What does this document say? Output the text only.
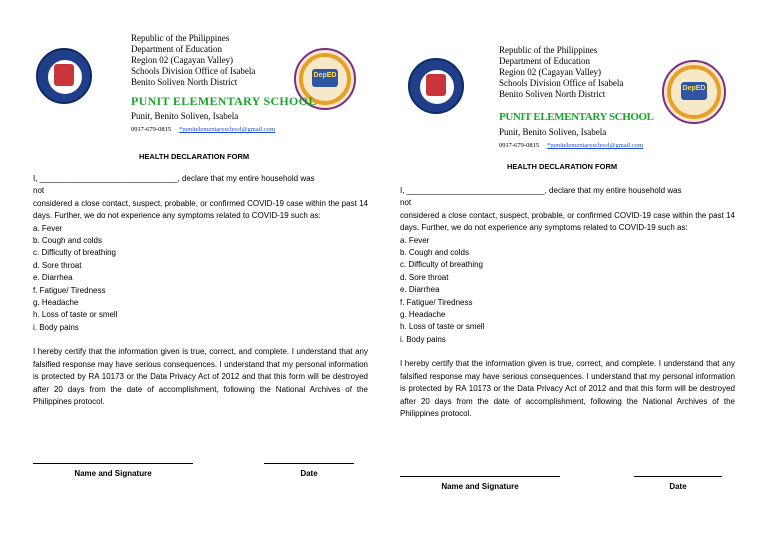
Republic of the Philippines
Department of Education
Region 02 (Cagayan Valley)
Schools Division Office of Isabela
Benito Soliven North District
DepED
PUNIT ELEMENTARY SCHOOL
Punit, Benito Soliven, Isabela
0917-679-0815 *punitelementaryschool@gmail.com
HEALTH DECLARATION FORM

I, _______________________________, declare that my entire household was

not

considered a close contact, suspect, probable, or confirmed COVID-19 case within the past 14 days. Further, we do not experience any symptoms related to COVID-19 such as:

a. Fever

b. Cough and colds

c. Difficulty of breathing

d. Sore throat

e. Diarrhea

f. Fatigue/ Tiredness

g. Headache

h. Loss of taste or smell

i. Body pains

I hereby certify that the information given is true, correct, and complete. I understand that any falsified response may have serious consequences. I understand that my personal information is protected by RA 10173 or the Data Privacy Act of 2012 and that this form will be destroyed after 20 days from the date of accomplishment, following the National Archives of the Philippines protocol.

Name and Signature	Date
Republic of the Philippines
Department of Education
Region 02 (Cagayan Valley)
Schools Division Office of Isabela
Benito Soliven North District
DepED
PUNIT ELEMENTARY SCHOOL
Punit, Benito Soliven, Isabela
0917-679-0815 *punitelementaryschool@gmail.com
HEALTH DECLARATION FORM

I, _______________________________, declare that my entire household was

not

considered a close contact, suspect, probable, or confirmed COVID-19 case within the past 14 days. Further, we do not experience any symptoms related to COVID-19 such as:

a. Fever

b. Cough and colds

c. Difficulty of breathing

d. Sore throat

e. Diarrhea

f. Fatigue/ Tiredness

g. Headache

h. Loss of taste or smell

i. Body pains

I hereby certify that the information given is true, correct, and complete. I understand that any falsified response may have serious consequences. I understand that my personal information is protected by RA 10173 or the Data Privacy Act of 2012 and that this form will be destroyed after 20 days from the date of accomplishment, following the National Archives of the Philippines protocol.

Name and Signature	Date
